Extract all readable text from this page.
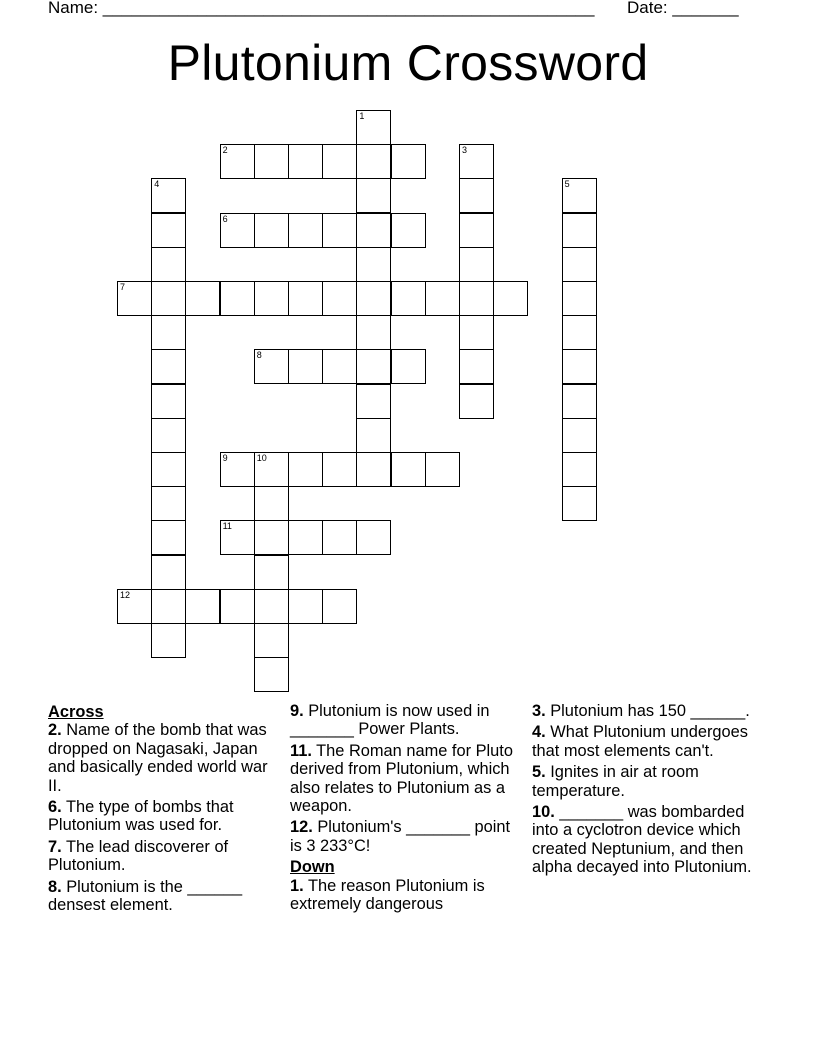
Name: ____________________________________________________ Date: _______
Plutonium Crossword
1
2	3
4	5
6
7
8
9	10
11
12
Across
2. Name of the bomb that was dropped on Nagasaki, Japan and basically ended world war II.
6. The type of bombs that Plutonium was used for.
7. The lead discoverer of Plutonium.
8. Plutonium is the ______ densest element.
9. Plutonium is now used in _______ Power Plants.
11. The Roman name for Pluto derived from Plutonium, which also relates to Plutonium as a weapon.
12. Plutonium's _______ point is 3 233°C!
Down
1. The reason Plutonium is extremely dangerous
3. Plutonium has 150 ______.
4. What Plutonium undergoes that most elements can't.
5. Ignites in air at room temperature.
10. _______ was bombarded into a cyclotron device which created Neptunium, and then alpha decayed into Plutonium.
